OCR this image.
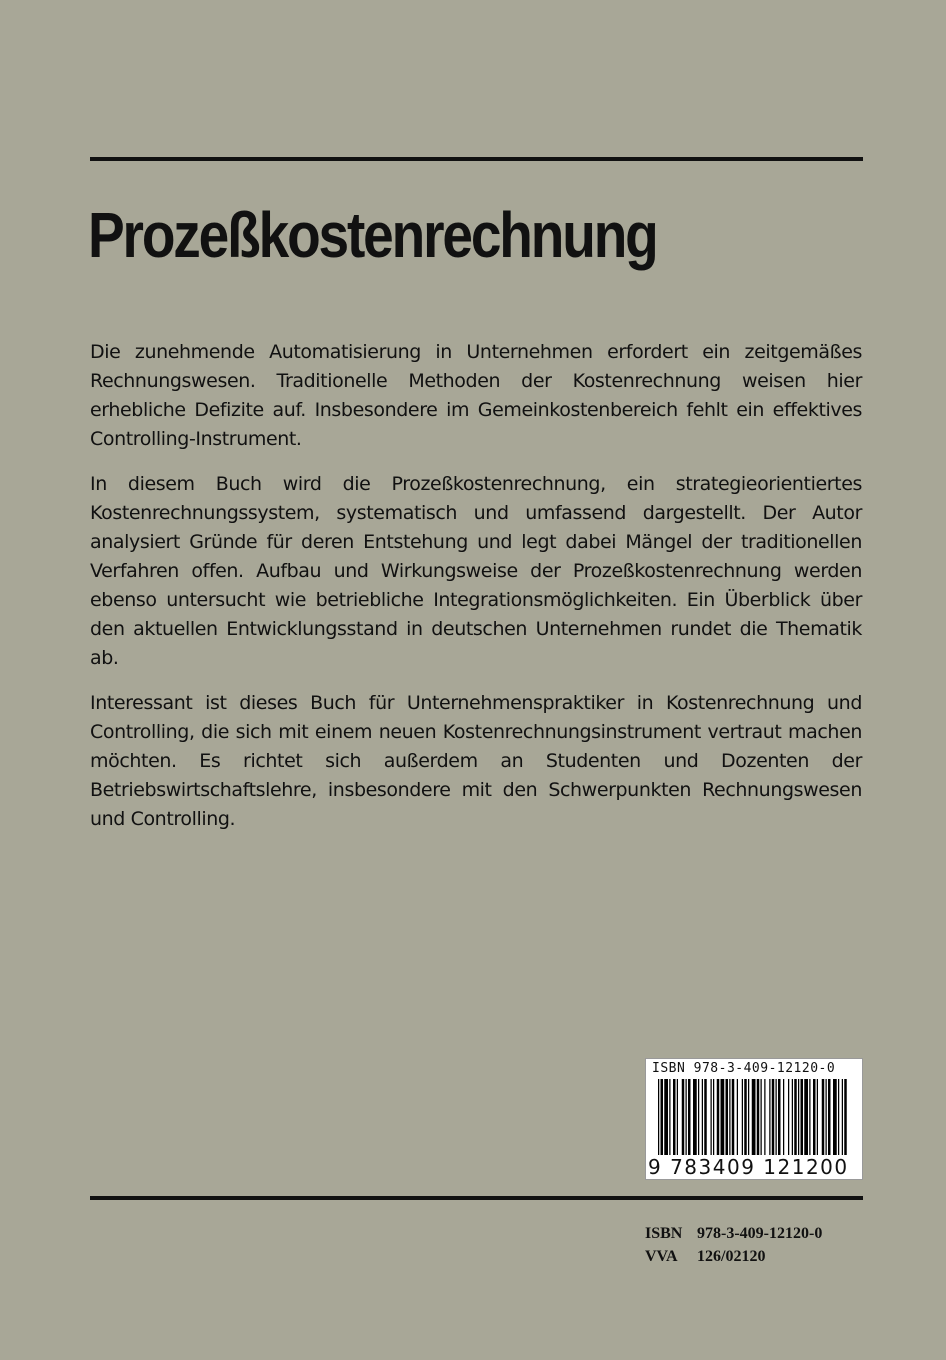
Prozeßkostenrechnung

Die zunehmende Automatisierung in Unternehmen erfordert ein zeitgemäßes Rechnungswesen. Traditionelle Methoden der Kostenrechnung weisen hier erhebliche Defizite auf. Insbesondere im Gemeinkostenbereich fehlt ein effektives Controlling-Instrument.

In diesem Buch wird die Prozeßkostenrechnung, ein strategieorientiertes Kostenrechnungssystem, systematisch und umfassend dargestellt. Der Autor analysiert Gründe für deren Entstehung und legt dabei Mängel der traditionellen Verfahren offen. Aufbau und Wirkungsweise der Prozeßkostenrechnung werden ebenso untersucht wie betriebliche Integrationsmöglichkeiten. Ein Überblick über den aktuellen Entwicklungsstand in deutschen Unternehmen rundet die Thematik ab.

Interessant ist dieses Buch für Unternehmenspraktiker in Kostenrechnung und Controlling, die sich mit einem neuen Kostenrechnungsinstrument vertraut machen möchten. Es richtet sich außerdem an Studenten und Dozenten der Betriebswirtschaftslehre, insbesondere mit den Schwerpunkten Rechnungswesen und Controlling.

ISBN 978-3-409-12120-0
9 783409 121200
ISBN 978-3-409-12120-0
VVA	126/02120
